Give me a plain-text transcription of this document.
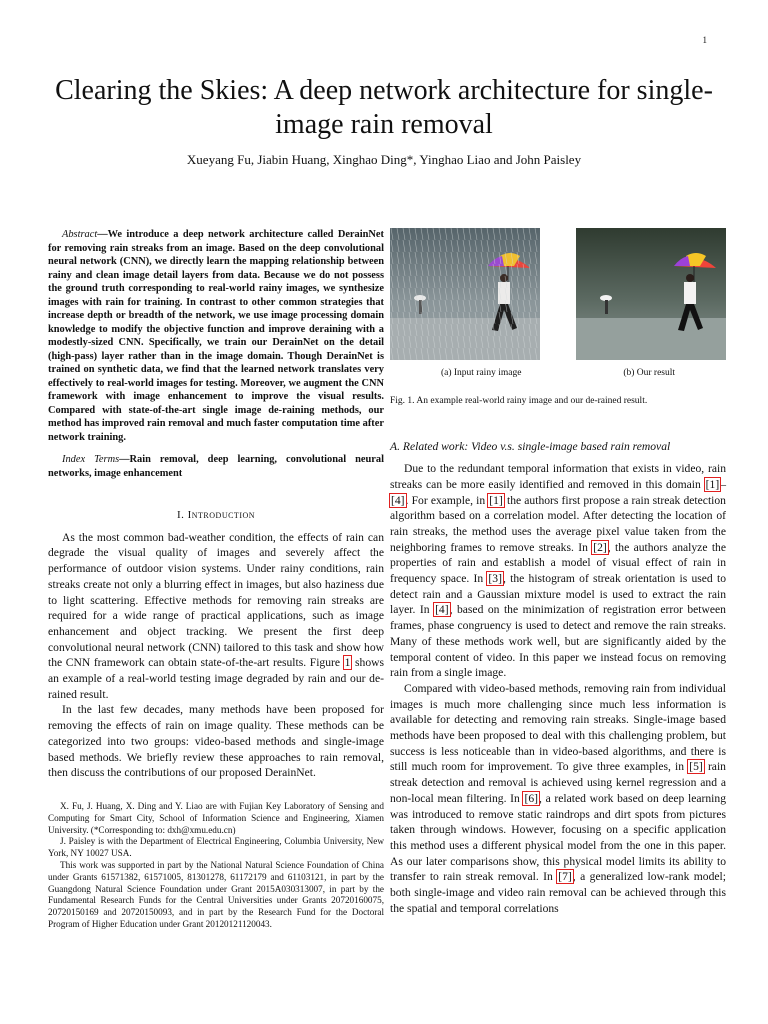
1
Clearing the Skies: A deep network architecture for single-image rain removal
Xueyang Fu, Jiabin Huang, Xinghao Ding*, Yinghao Liao and John Paisley

Abstract—We introduce a deep network architecture called DerainNet for removing rain streaks from an image. Based on the deep convolutional neural network (CNN), we directly learn the mapping relationship between rainy and clean image detail layers from data. Because we do not possess the ground truth corresponding to real-world rainy images, we synthesize images with rain for training. In contrast to other common strategies that increase depth or breadth of the network, we use image processing domain knowledge to modify the objective function and improve deraining with a modestly-sized CNN. Specifically, we train our DerainNet on the detail (high-pass) layer rather than in the image domain. Though DerainNet is trained on synthetic data, we find that the learned network translates very effectively to real-world images for testing. Moreover, we augment the CNN framework with image enhancement to improve the visual results. Compared with state-of-the-art single image de-raining methods, our method has improved rain removal and much faster computation time after network training.

Index Terms—Rain removal, deep learning, convolutional neural networks, image enhancement

I. Introduction

As the most common bad-weather condition, the effects of rain can degrade the visual quality of images and severely affect the performance of outdoor vision systems. Under rainy conditions, rain streaks create not only a blurring effect in images, but also haziness due to light scattering. Effective methods for removing rain streaks are required for a wide range of practical applications, such as image enhancement and object tracking. We present the first deep convolutional neural network (CNN) tailored to this task and show how the CNN framework can obtain state-of-the-art results. Figure 1 shows an example of a real-world testing image degraded by rain and our de-rained result.

In the last few decades, many methods have been proposed for removing the effects of rain on image quality. These methods can be categorized into two groups: video-based methods and single-image based methods. We briefly review these approaches to rain removal, then discuss the contributions of our proposed DerainNet.

X. Fu, J. Huang, X. Ding and Y. Liao are with Fujian Key Laboratory of Sensing and Computing for Smart City, School of Information Science and Engineering, Xiamen University. (*Corresponding to: dxh@xmu.edu.cn)

J. Paisley is with the Department of Electrical Engineering, Columbia University, New York, NY 10027 USA.

This work was supported in part by the National Natural Science Foundation of China under Grants 61571382, 61571005, 81301278, 61172179 and 61103121, in part by the Guangdong Natural Science Foundation under Grant 2015A030313007, in part by the Fundamental Research Funds for the Central Universities under Grants 20720160075, 20720150169 and 20720150093, and in part by the Research Fund for the Doctoral Program of Higher Education under Grant 20120121120043.

(a) Input rainy image	(b) Our result

Fig. 1. An example real-world rainy image and our de-rained result.

A. Related work: Video v.s. single-image based rain removal

Due to the redundant temporal information that exists in video, rain streaks can be more easily identified and removed in this domain [1]–[4]. For example, in [1] the authors first propose a rain streak detection algorithm based on a correlation model. After detecting the location of rain streaks, the method uses the average pixel value taken from the neighboring frames to remove streaks. In [2], the authors analyze the properties of rain and establish a model of visual effect of rain in frequency space. In [3], the histogram of streak orientation is used to detect rain and a Gaussian mixture model is used to extract the rain layer. In [4], based on the minimization of registration error between frames, phase congruency is used to detect and remove the rain streaks. Many of these methods work well, but are significantly aided by the temporal content of video. In this paper we instead focus on removing rain from a single image.

Compared with video-based methods, removing rain from individual images is much more challenging since much less information is available for detecting and removing rain streaks. Single-image based methods have been proposed to deal with this challenging problem, but success is less noticeable than in video-based algorithms, and there is still much room for improvement. To give three examples, in [5] rain streak detection and removal is achieved using kernel regression and a non-local mean filtering. In [6], a related work based on deep learning was introduced to remove static raindrops and dirt spots from pictures taken through windows. However, focusing on a specific application this method uses a different physical model from the one in this paper. As our later comparisons show, this physical model limits its ability to transfer to rain streak removal. In [7], a generalized low-rank model; both single-image and video rain removal can be achieved through this the spatial and temporal correlations
